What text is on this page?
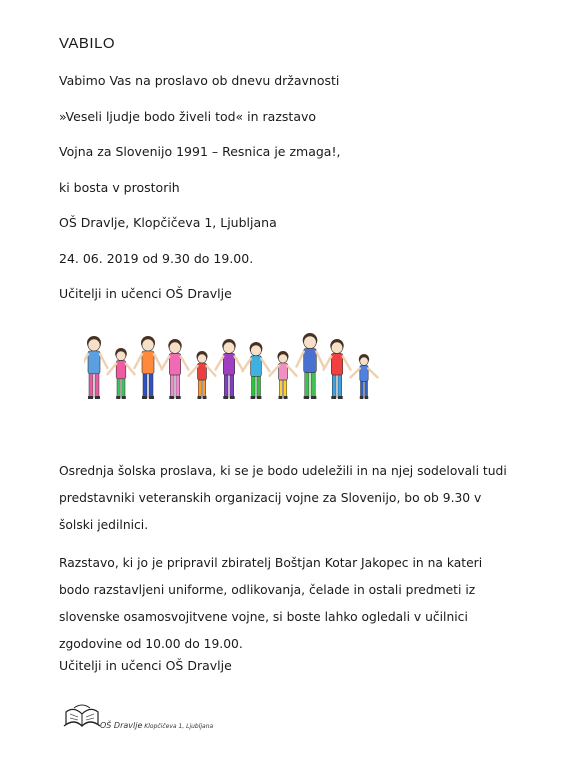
VABILO
Vabimo Vas na proslavo ob dnevu državnosti
»Veseli ljudje bodo živeli tod« in razstavo
Vojna za Slovenijo 1991 – Resnica je zmaga!,
ki bosta v prostorih
OŠ Dravlje, Klopčičeva 1, Ljubljana
24. 06. 2019 od 9.30 do 19.00.
Učitelji in učenci OŠ Dravlje
Osrednja šolska proslava, ki se je bodo udeležili in na njej sodelovali tudi predstavniki veteranskih organizacij vojne za Slovenijo, bo ob 9.30 v šolski jedilnici.
Razstavo, ki jo je pripravil zbiratelj Boštjan Kotar Jakopec in na kateri bodo razstavljeni uniforme, odlikovanja, čelade in ostali predmeti iz slovenske osamosvojitvene vojne, si boste lahko ogledali v učilnici zgodovine od 10.00 do 19.00.
Učitelji in učenci OŠ Dravlje
OŠ Dravlje Klopčičeva 1, Ljubljana
